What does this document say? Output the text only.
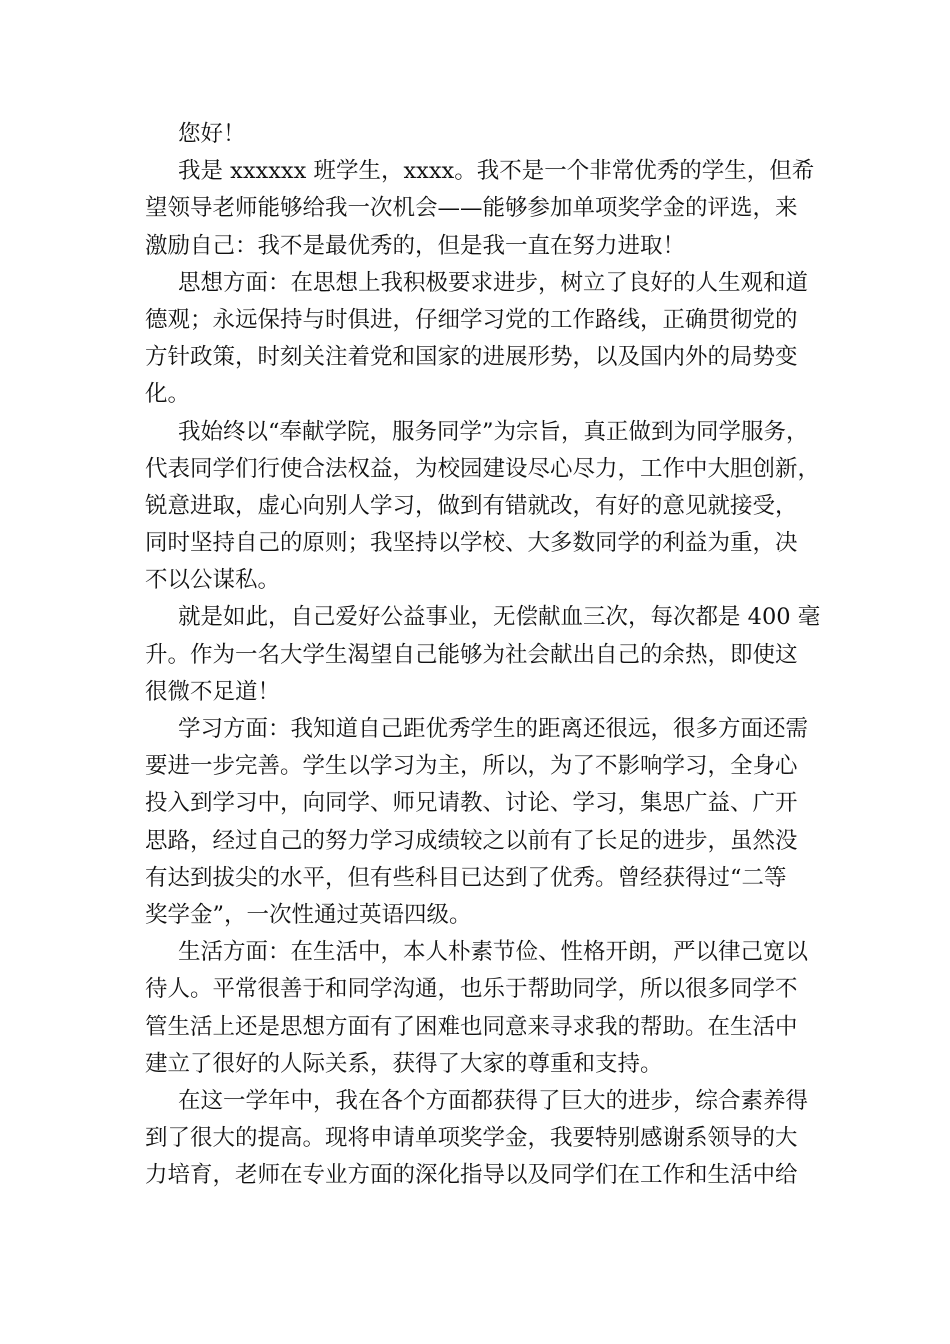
您好！
我是 xxxxxx 班学生，xxxx。我不是一个非常优秀的学生，但希
望领导老师能够给我一次机会——能够参加单项奖学金的评选，来
激励自己：我不是最优秀的，但是我一直在努力进取！
思想方面：在思想上我积极要求进步，树立了良好的人生观和道
德观；永远保持与时俱进，仔细学习党的工作路线，正确贯彻党的
方针政策，时刻关注着党和国家的进展形势，以及国内外的局势变
化。
我始终以“奉献学院，服务同学”为宗旨，真正做到为同学服务，
代表同学们行使合法权益，为校园建设尽心尽力，工作中大胆创新，
锐意进取，虚心向别人学习，做到有错就改，有好的意见就接受，
同时坚持自己的原则；我坚持以学校、大多数同学的利益为重，决
不以公谋私。
就是如此，自己爱好公益事业，无偿献血三次，每次都是 400 毫
升。作为一名大学生渴望自己能够为社会献出自己的余热，即使这
很微不足道！
学习方面：我知道自己距优秀学生的距离还很远，很多方面还需
要进一步完善。学生以学习为主，所以，为了不影响学习，全身心
投入到学习中，向同学、师兄请教、讨论、学习，集思广益、广开
思路，经过自己的努力学习成绩较之以前有了长足的进步，虽然没
有达到拔尖的水平，但有些科目已达到了优秀。曾经获得过“二等
奖学金”，一次性通过英语四级。
生活方面：在生活中，本人朴素节俭、性格开朗，严以律己宽以
待人。平常很善于和同学沟通，也乐于帮助同学，所以很多同学不
管生活上还是思想方面有了困难也同意来寻求我的帮助。在生活中
建立了很好的人际关系，获得了大家的尊重和支持。
在这一学年中，我在各个方面都获得了巨大的进步，综合素养得
到了很大的提高。现将申请单项奖学金，我要特别感谢系领导的大
力培育，老师在专业方面的深化指导以及同学们在工作和生活中给
